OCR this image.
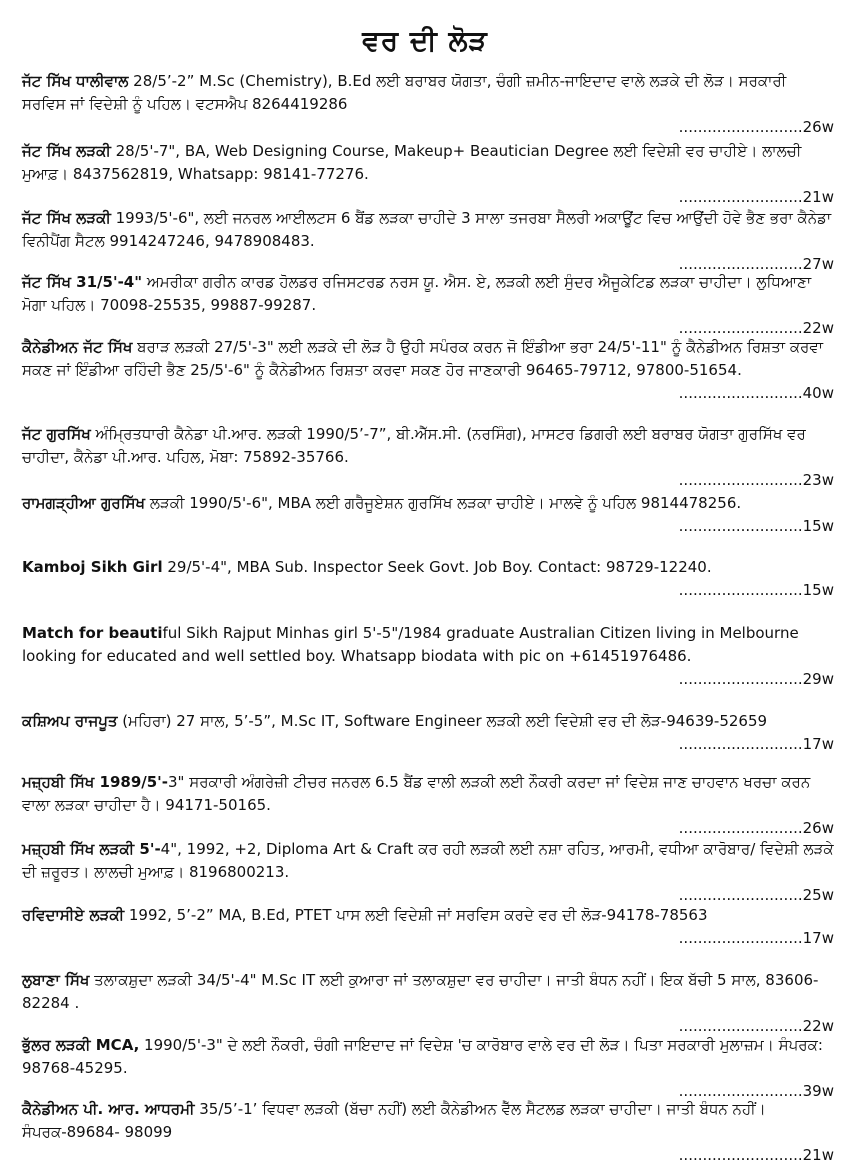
ਵਰ ਦੀ ਲੋੜ
ਜੱਟ ਸਿੱਖ ਧਾਲੀਵਾਲ 28/5’-2” M.Sc (Chemistry), B.Ed ਲਈ ਬਰਾਬਰ ਯੋਗਤਾ, ਚੰਗੀ ਜ਼ਮੀਨ-ਜਾਇਦਾਦ ਵਾਲੇ ਲੜਕੇ ਦੀ ਲੋੜ। ਸਰਕਾਰੀ ਸਰਵਿਸ ਜਾਂ ਵਿਦੇਸ਼ੀ ਨੂੰ ਪਹਿਲ। ਵਟਸਐਪ 8264419286
..........................26w
ਜੱਟ ਸਿੱਖ ਲੜਕੀ 28/5'-7", BA, Web Designing Course, Makeup+ Beautician Degree ਲਈ ਵਿਦੇਸ਼ੀ ਵਰ ਚਾਹੀਏ। ਲਾਲਚੀ ਮੁਆਫ਼। 8437562819, Whatsapp: 98141-77276.
..........................21w
ਜੱਟ ਸਿੱਖ ਲੜਕੀ 1993/5'-6", ਲਈ ਜਨਰਲ ਆਈਲਟਸ 6 ਬੈਂਡ ਲੜਕਾ ਚਾਹੀਦੇ 3 ਸਾਲਾ ਤਜਰਬਾ ਸੈਲਰੀ ਅਕਾਊਂਟ ਵਿਚ ਆਉਂਦੀ ਹੋਵੇ ਭੈਣ ਭਰਾ ਕੈਨੇਡਾ ਵਿਨੀਪੈਂਗ ਸੈਟਲ 9914247246, 9478908483.
..........................27w
ਜੱਟ ਸਿੱਖ 31/5'-4" ਅਮਰੀਕਾ ਗਰੀਨ ਕਾਰਡ ਹੋਲਡਰ ਰਜਿਸਟਰਡ ਨਰਸ ਯੂ. ਐਸ. ਏ, ਲੜਕੀ ਲਈ ਸੁੰਦਰ ਐਜੂਕੇਟਿਡ ਲੜਕਾ ਚਾਹੀਦਾ। ਲੁਧਿਆਣਾ ਮੋਗਾ ਪਹਿਲ। 70098-25535, 99887-99287.
..........................22w
ਕੈਨੇਡੀਅਨ ਜੱਟ ਸਿੱਖ ਬਰਾੜ ਲੜਕੀ 27/5'-3" ਲਈ ਲੜਕੇ ਦੀ ਲੋੜ ਹੈ ਉਹੀ ਸਪੰਰਕ ਕਰਨ ਜੋ ਇੰਡੀਆ ਭਰਾ 24/5'-11" ਨੂੰ ਕੈਨੇਡੀਅਨ ਰਿਸ਼ਤਾ ਕਰਵਾ ਸਕਣ ਜਾਂ ਇੰਡੀਆ ਰਹਿੰਦੀ ਭੈਣ 25/5'-6" ਨੂੰ ਕੈਨੇਡੀਅਨ ਰਿਸ਼ਤਾ ਕਰਵਾ ਸਕਣ ਹੋਰ ਜਾਣਕਾਰੀ 96465-79712, 97800-51654.
..........................40w
ਜੱਟ ਗੁਰਸਿੱਖ ਅੰਮ੍ਰਿਤਧਾਰੀ ਕੈਨੇਡਾ ਪੀ.ਆਰ. ਲੜਕੀ 1990/5’-7”, ਬੀ.ਐੱਸ.ਸੀ. (ਨਰਸਿੰਗ), ਮਾਸਟਰ ਡਿਗਰੀ ਲਈ ਬਰਾਬਰ ਯੋਗਤਾ ਗੁਰਸਿੱਖ ਵਰ ਚਾਹੀਦਾ, ਕੈਨੇਡਾ ਪੀ.ਆਰ. ਪਹਿਲ, ਮੋਬਾ: 75892-35766.
..........................23w
ਰਾਮਗੜ੍ਹੀਆ ਗੁਰਸਿੱਖ ਲੜਕੀ 1990/5'-6", MBA ਲਈ ਗਰੈਜੂਏਸ਼ਨ ਗੁਰਸਿੱਖ ਲੜਕਾ ਚਾਹੀਏ। ਮਾਲਵੇ ਨੂੰ ਪਹਿਲ 9814478256.
..........................15w
Kamboj Sikh Girl 29/5'-4", MBA Sub. Inspector Seek Govt. Job Boy. Contact: 98729-12240.
..........................15w
Match for beautiful Sikh Rajput Minhas girl 5'-5"/1984 graduate Australian Citizen living in Melbourne looking for educated and well settled boy. Whatsapp biodata with pic on +61451976486.
..........................29w
ਕਸ਼ਿਅਪ ਰਾਜਪੂਤ (ਮਹਿਰਾ) 27 ਸਾਲ, 5’-5”, M.Sc IT, Software Engineer ਲੜਕੀ ਲਈ ਵਿਦੇਸ਼ੀ ਵਰ ਦੀ ਲੋੜ-94639-52659
..........................17w
ਮਜ਼੍ਹਬੀ ਸਿੱਖ 1989/5'-3" ਸਰਕਾਰੀ ਅੰਗਰੇਜ਼ੀ ਟੀਚਰ ਜਨਰਲ 6.5 ਬੈਂਡ ਵਾਲੀ ਲੜਕੀ ਲਈ ਨੌਕਰੀ ਕਰਦਾ ਜਾਂ ਵਿਦੇਸ਼ ਜਾਣ ਚਾਹਵਾਨ ਖਰਚਾ ਕਰਨ ਵਾਲਾ ਲੜਕਾ ਚਾਹੀਦਾ ਹੈ। 94171-50165.
..........................26w
ਮਜ਼੍ਹਬੀ ਸਿੱਖ ਲੜਕੀ 5'-4", 1992, +2, Diploma Art & Craft ਕਰ ਰਹੀ ਲੜਕੀ ਲਈ ਨਸ਼ਾ ਰਹਿਤ, ਆਰਮੀ, ਵਧੀਆ ਕਾਰੋਬਾਰ/ ਵਿਦੇਸ਼ੀ ਲੜਕੇ ਦੀ ਜ਼ਰੂਰਤ। ਲਾਲਚੀ ਮੁਆਫ਼। 8196800213.
..........................25w
ਰਵਿਦਾਸੀਏ ਲੜਕੀ 1992, 5’-2” MA, B.Ed, PTET ਪਾਸ ਲਈ ਵਿਦੇਸ਼ੀ ਜਾਂ ਸਰਵਿਸ ਕਰਦੇ ਵਰ ਦੀ ਲੋੜ-94178-78563
..........................17w
ਲੁਬਾਣਾ ਸਿੱਖ ਤਲਾਕਸ਼ੁਦਾ ਲੜਕੀ 34/5'-4" M.Sc IT ਲਈ ਕੁਆਰਾ ਜਾਂ ਤਲਾਕਸ਼ੁਦਾ ਵਰ ਚਾਹੀਦਾ। ਜਾਤੀ ਬੰਧਨ ਨਹੀਂ। ਇਕ ਬੱਚੀ 5 ਸਾਲ, 83606-82284 .
..........................22w
ਭੁੱਲਰ ਲੜਕੀ MCA, 1990/5'-3" ਦੇ ਲਈ ਨੌਕਰੀ, ਚੰਗੀ ਜਾਇਦਾਦ ਜਾਂ ਵਿਦੇਸ਼ 'ਚ ਕਾਰੋਬਾਰ ਵਾਲੇ ਵਰ ਦੀ ਲੋੜ। ਪਿਤਾ ਸਰਕਾਰੀ ਮੁਲਾਜ਼ਮ। ਸੰਪਰਕ: 98768-45295.
..........................39w
ਕੈਨੇਡੀਅਨ ਪੀ. ਆਰ. ਆਧਰਮੀ 35/5’-1’ ਵਿਧਵਾ ਲੜਕੀ (ਬੱਚਾ ਨਹੀਂ) ਲਈ ਕੈਨੇਡੀਅਨ ਵੈੱਲ ਸੈਟਲਡ ਲੜਕਾ ਚਾਹੀਦਾ। ਜਾਤੀ ਬੰਧਨ ਨਹੀਂ। ਸੰਪਰਕ-89684- 98099
..........................21w
